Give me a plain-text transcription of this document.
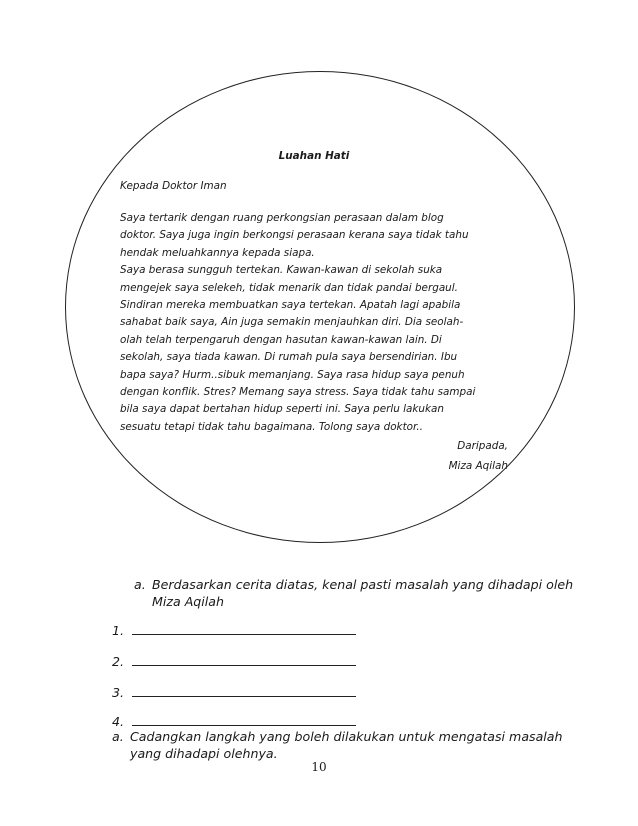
Luahan Hati
Kepada Doktor Iman

Saya tertarik dengan ruang perkongsian perasaan dalam blog
doktor. Saya juga ingin berkongsi perasaan kerana saya tidak tahu
hendak meluahkannya kepada siapa.
Saya berasa sungguh tertekan. Kawan-kawan di sekolah suka
mengejek saya selekeh, tidak menarik dan tidak pandai bergaul.
Sindiran mereka membuatkan saya tertekan. Apatah lagi apabila
sahabat baik saya, Ain juga semakin menjauhkan diri. Dia seolah-
olah telah terpengaruh dengan hasutan kawan-kawan lain. Di
sekolah, saya tiada kawan. Di rumah pula saya bersendirian. Ibu
bapa saya? Hurm..sibuk memanjang. Saya rasa hidup saya penuh
dengan konflik. Stres? Memang saya stress. Saya tidak tahu sampai
bila saya dapat bertahan hidup seperti ini. Saya perlu lakukan
sesuatu tetapi tidak tahu bagaimana. Tolong saya doktor..

Daripada,
Miza Aqilah
a. Berdasarkan cerita diatas, kenal pasti masalah yang dihadapi oleh
Miza Aqilah
1.
2.
3.
4.
a. Cadangkan langkah yang boleh dilakukan untuk mengatasi masalah
yang dihadapi olehnya.
10
